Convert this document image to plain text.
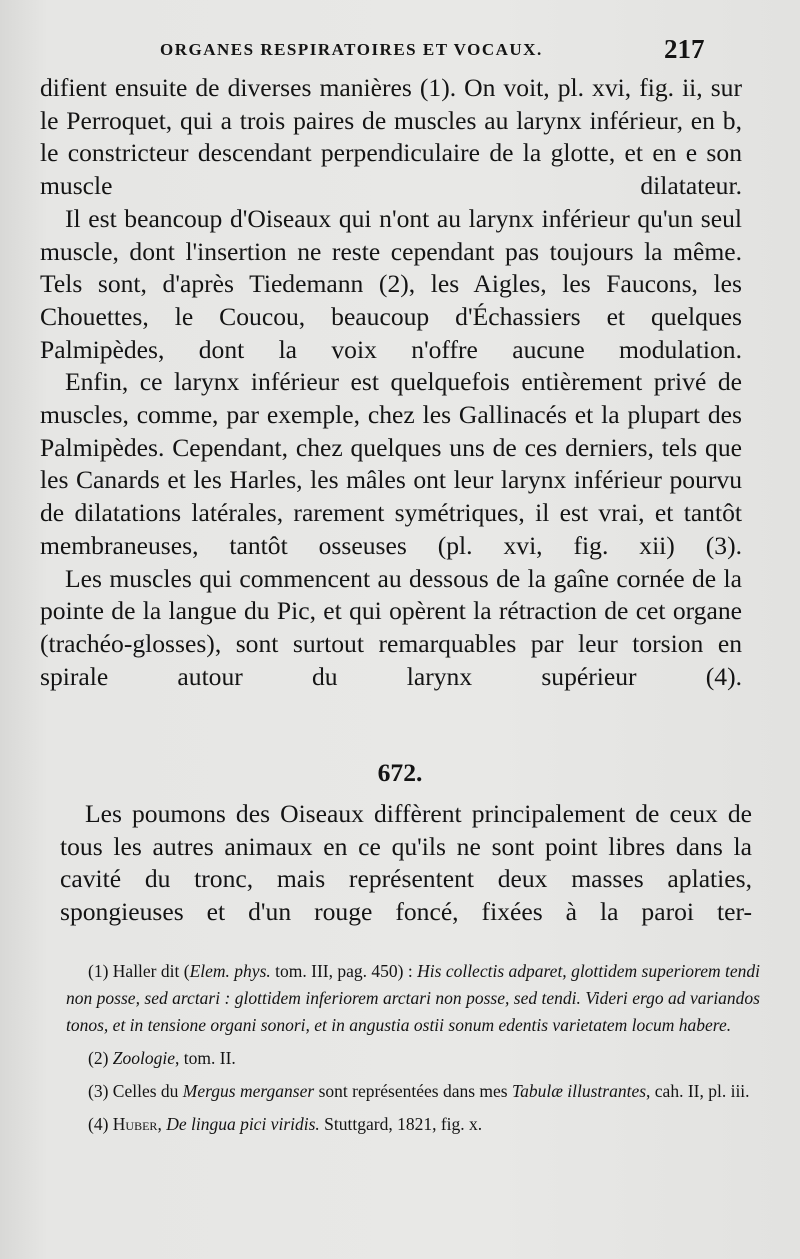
ORGANES RESPIRATOIRES ET VOCAUX.	217

difient ensuite de diverses manières (1). On voit, pl. xvi, fig. ii, sur le Perroquet, qui a trois paires de muscles au larynx inférieur, en b, le constricteur descendant perpendiculaire de la glotte, et en e son muscle dilatateur.

Il est beancoup d'Oiseaux qui n'ont au larynx inférieur qu'un seul muscle, dont l'insertion ne reste cependant pas toujours la même. Tels sont, d'après Tiedemann (2), les Aigles, les Faucons, les Chouettes, le Coucou, beaucoup d'Échassiers et quelques Palmipèdes, dont la voix n'offre aucune modulation.

Enfin, ce larynx inférieur est quelquefois entièrement privé de muscles, comme, par exemple, chez les Gallinacés et la plupart des Palmipèdes. Cependant, chez quelques uns de ces derniers, tels que les Canards et les Harles, les mâles ont leur larynx inférieur pourvu de dilatations latérales, rarement symétriques, il est vrai, et tantôt membraneuses, tantôt osseuses (pl. xvi, fig. xii) (3).

Les muscles qui commencent au dessous de la gaîne cornée de la pointe de la langue du Pic, et qui opèrent la rétraction de cet organe (trachéo-glosses), sont surtout remarquables par leur torsion en spirale autour du larynx supérieur (4).

672.

Les poumons des Oiseaux diffèrent principalement de ceux de tous les autres animaux en ce qu'ils ne sont point libres dans la cavité du tronc, mais représentent deux masses aplaties, spongieuses et d'un rouge foncé, fixées à la paroi ter-

(1) Haller dit (Elem. phys. tom. III, pag. 450) : His collectis adparet, glottidem superiorem tendi non posse, sed arctari : glottidem inferiorem arctari non posse, sed tendi. Videri ergo ad variandos tonos, et in tensione organi sonori, et in angustia ostii sonum edentis varietatem locum habere.

(2) Zoologie, tom. II.

(3) Celles du Mergus merganser sont représentées dans mes Tabulæ illustrantes, cah. II, pl. iii.

(4) Huber, De lingua pici viridis. Stuttgard, 1821, fig. x.
